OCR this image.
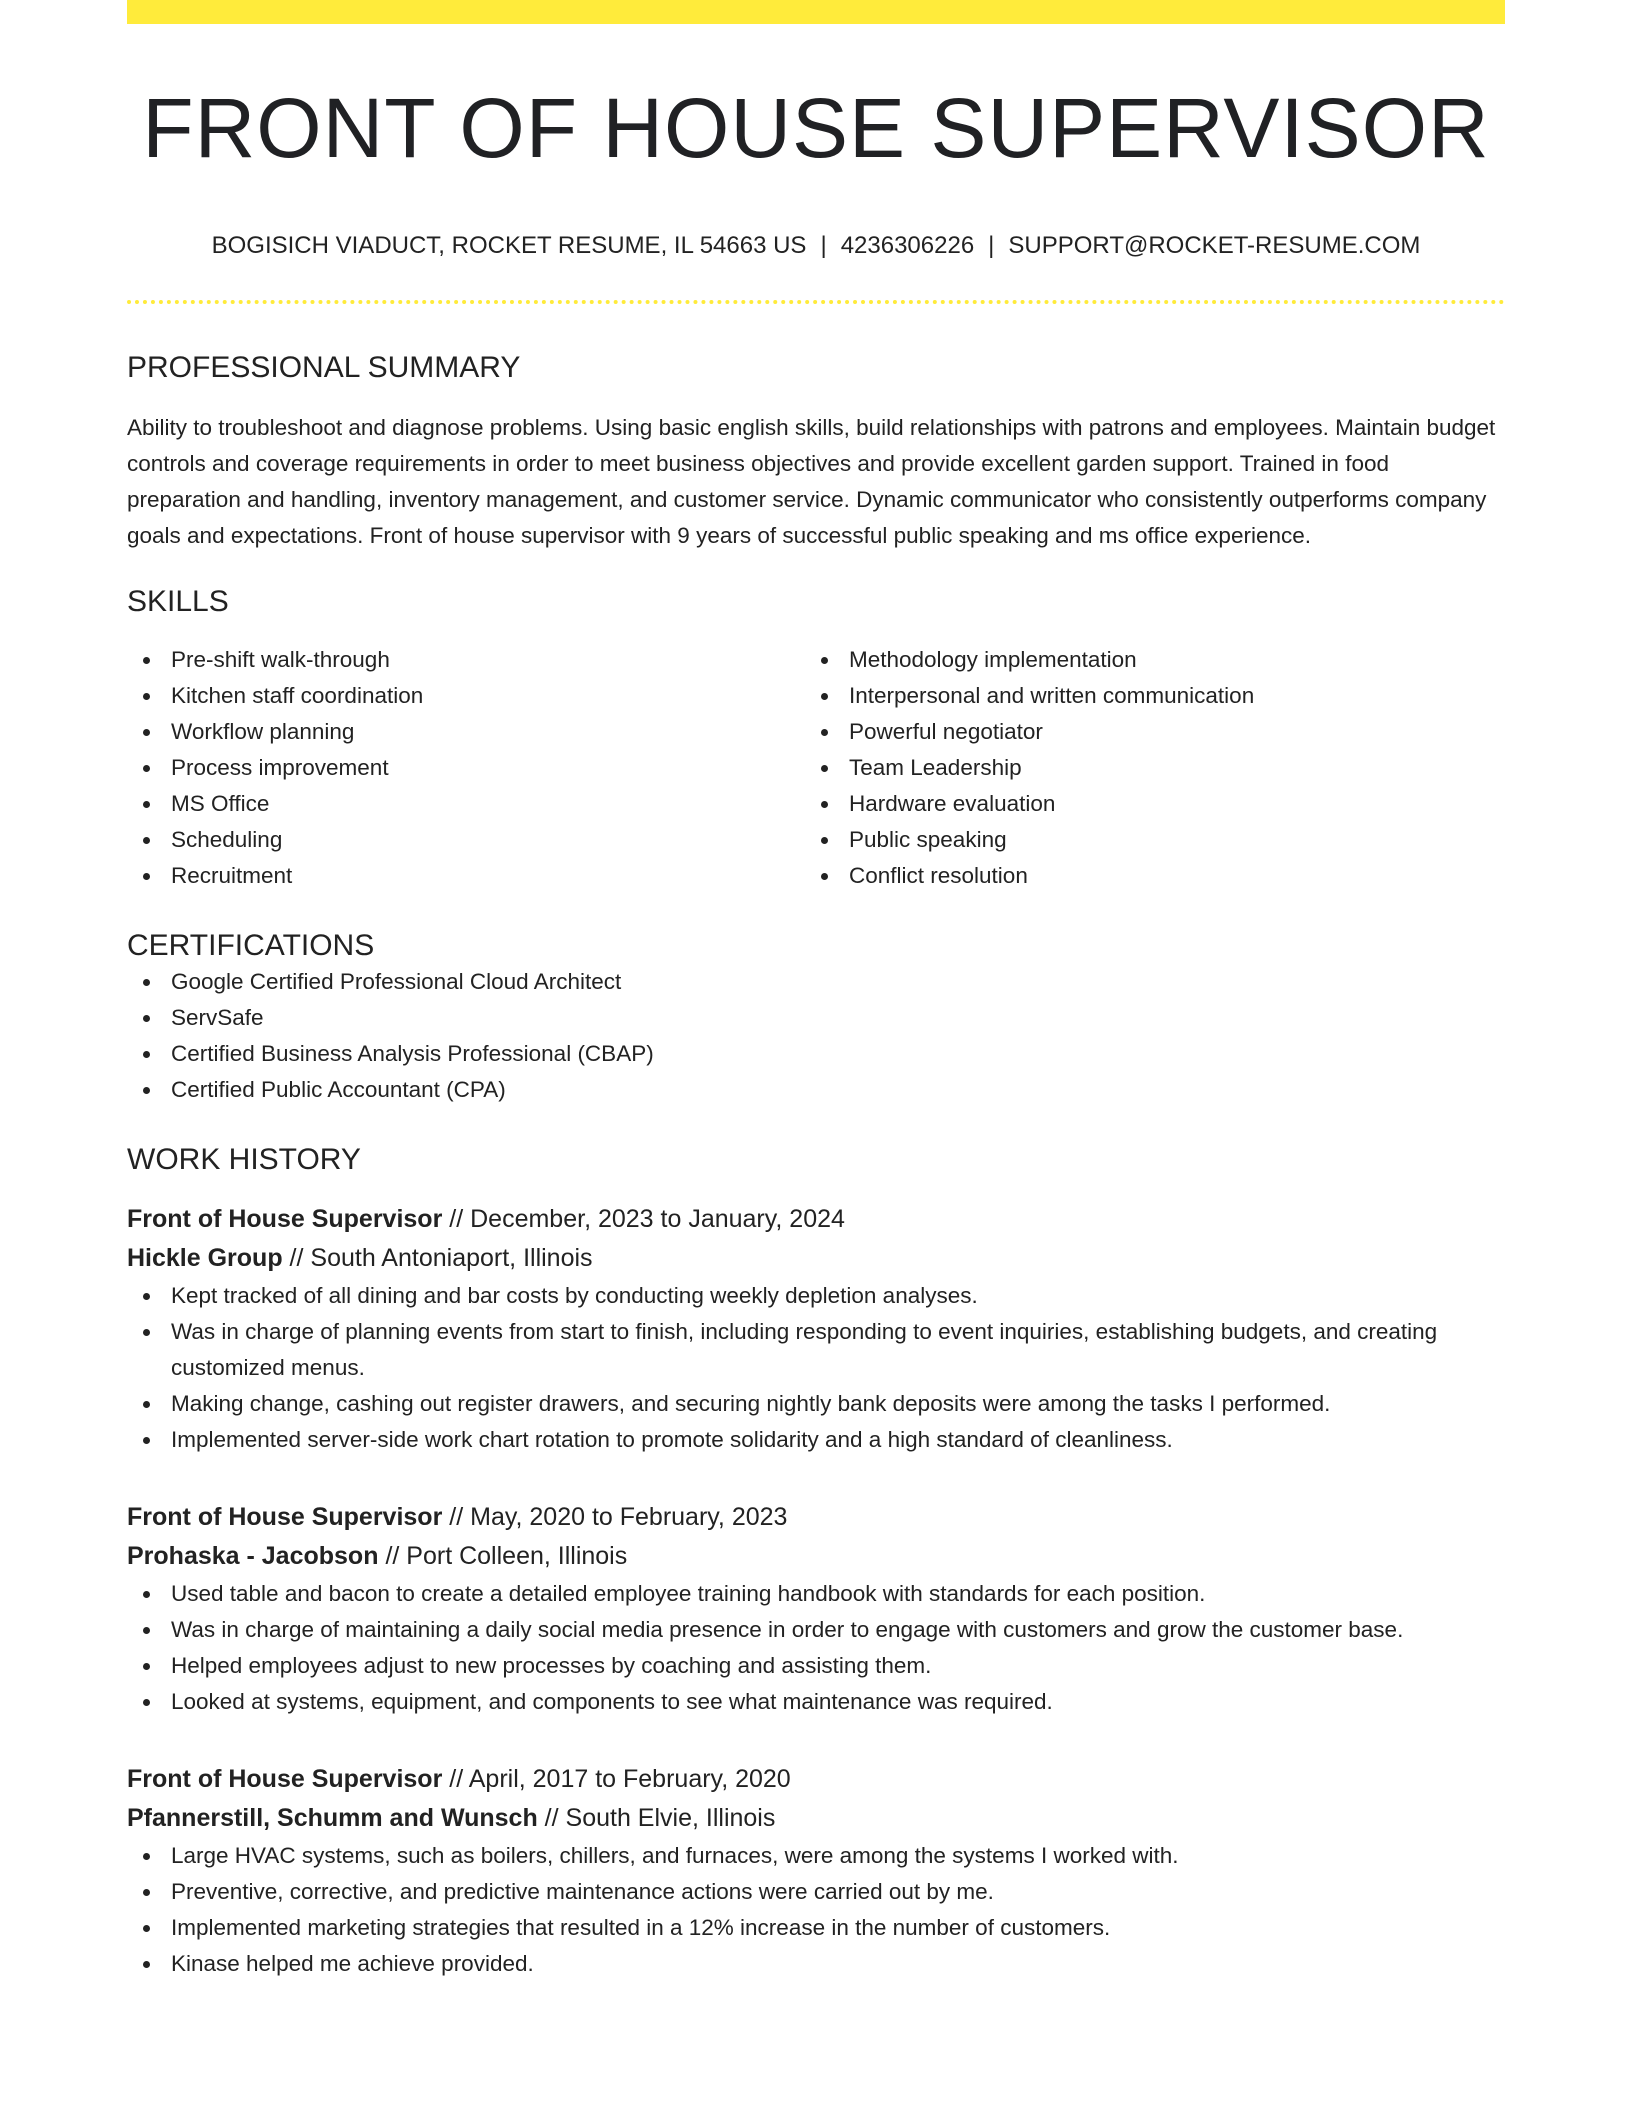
FRONT OF HOUSE SUPERVISOR
BOGISICH VIADUCT, ROCKET RESUME, IL 54663 US | 4236306226 | SUPPORT@ROCKET-RESUME.COM
PROFESSIONAL SUMMARY

Ability to troubleshoot and diagnose problems. Using basic english skills, build relationships with patrons and employees. Maintain budget controls and coverage requirements in order to meet business objectives and provide excellent garden support. Trained in food preparation and handling, inventory management, and customer service. Dynamic communicator who consistently outperforms company goals and expectations. Front of house supervisor with 9 years of successful public speaking and ms office experience.

SKILLS
Pre-shift walk-through
Kitchen staff coordination
Workflow planning
Process improvement
MS Office
Scheduling
Recruitment
Methodology implementation
Interpersonal and written communication
Powerful negotiator
Team Leadership
Hardware evaluation
Public speaking
Conflict resolution
CERTIFICATIONS
Google Certified Professional Cloud Architect
ServSafe
Certified Business Analysis Professional (CBAP)
Certified Public Accountant (CPA)
WORK HISTORY
Front of House Supervisor // December, 2023 to January, 2024
Hickle Group // South Antoniaport, Illinois
Kept tracked of all dining and bar costs by conducting weekly depletion analyses.
Was in charge of planning events from start to finish, including responding to event inquiries, establishing budgets, and creating customized menus.
Making change, cashing out register drawers, and securing nightly bank deposits were among the tasks I performed.
Implemented server-side work chart rotation to promote solidarity and a high standard of cleanliness.
Front of House Supervisor // May, 2020 to February, 2023
Prohaska - Jacobson // Port Colleen, Illinois
Used table and bacon to create a detailed employee training handbook with standards for each position.
Was in charge of maintaining a daily social media presence in order to engage with customers and grow the customer base.
Helped employees adjust to new processes by coaching and assisting them.
Looked at systems, equipment, and components to see what maintenance was required.
Front of House Supervisor // April, 2017 to February, 2020
Pfannerstill, Schumm and Wunsch // South Elvie, Illinois
Large HVAC systems, such as boilers, chillers, and furnaces, were among the systems I worked with.
Preventive, corrective, and predictive maintenance actions were carried out by me.
Implemented marketing strategies that resulted in a 12% increase in the number of customers.
Kinase helped me achieve provided.
